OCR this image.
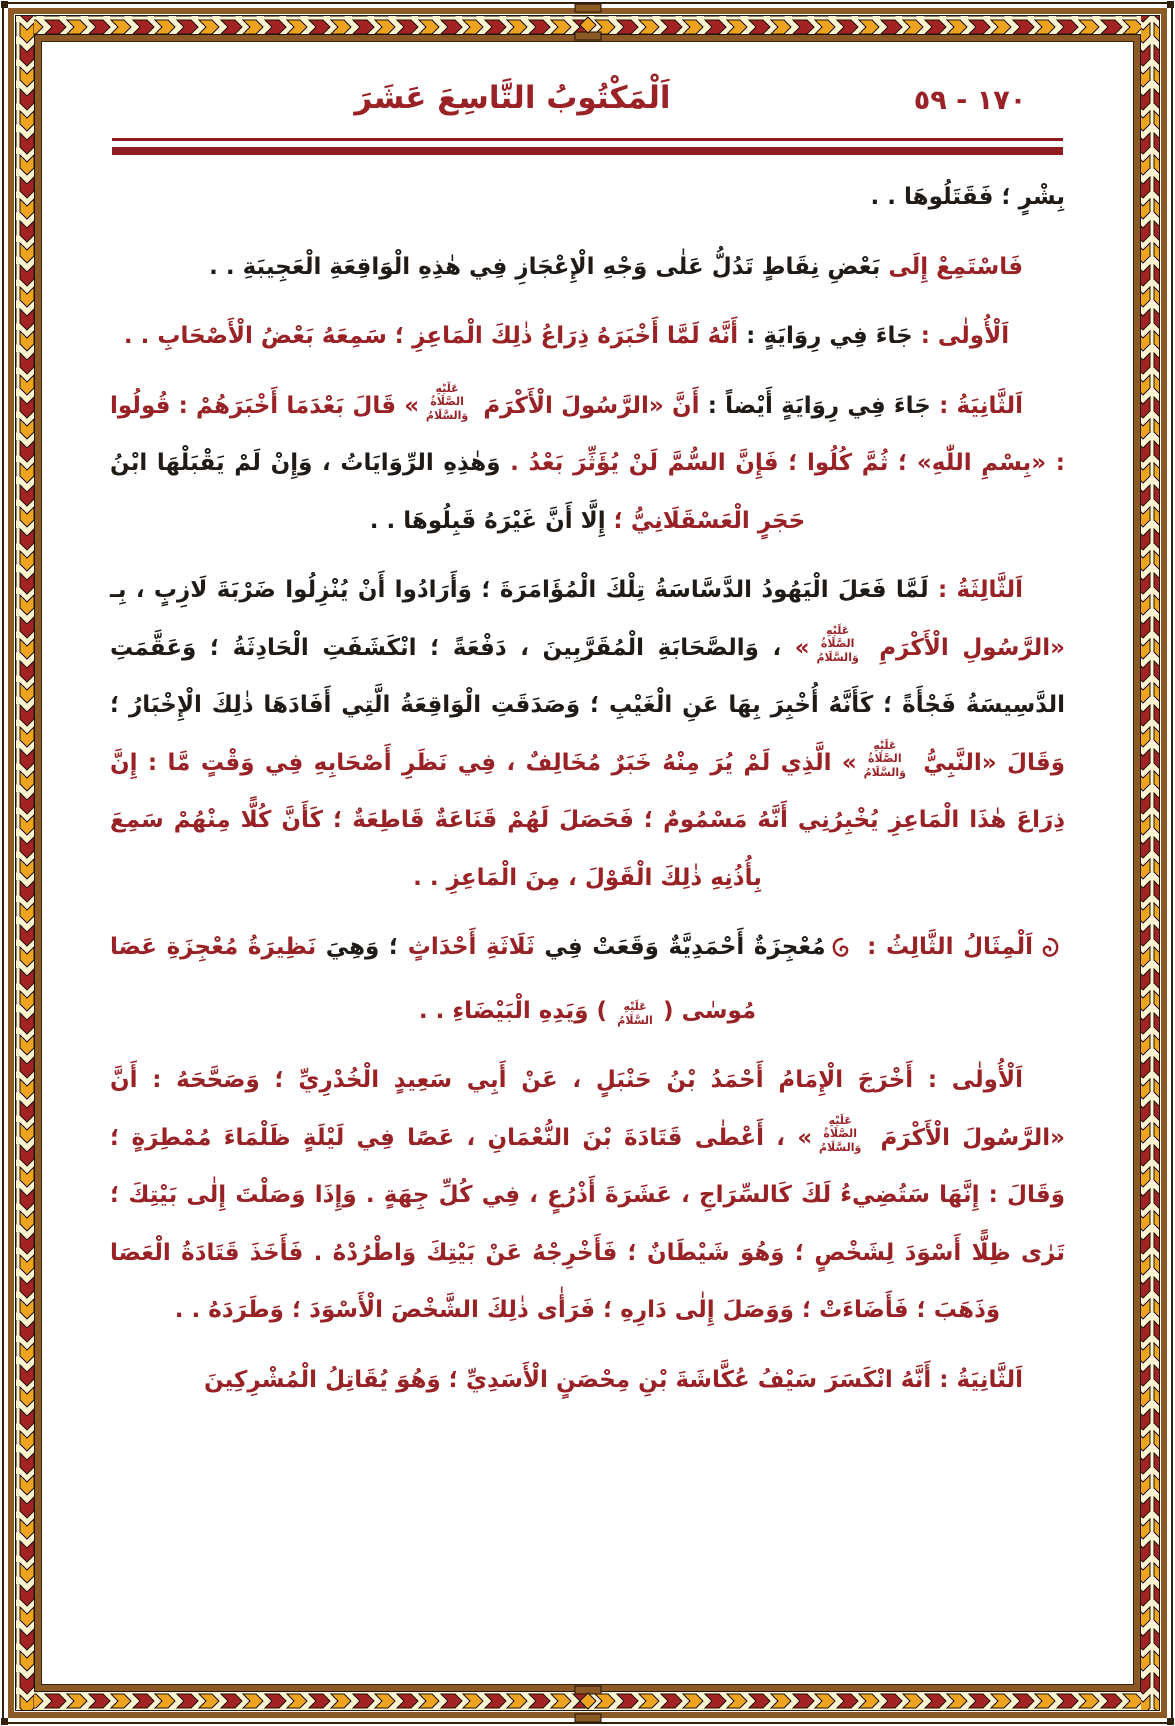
١٧٠ - ٥٩
اَلْمَكْتُوبُ التَّاسِعَ عَشَرَ

بِشْرٍ ؛ فَقَتَلُوهَا . .

فَاسْتَمِعْ إِلَى بَعْضِ نِقَاطٍ تَدُلُّ عَلٰى وَجْهِ الْإِعْجَازِ فِي هٰذِهِ الْوَاقِعَةِ الْعَجِيبَةِ . .

اَلْأُولٰى : جَاءَ فِي رِوَايَةٍ : أَنَّهُ لَمَّا أَخْبَرَهُ ذِرَاعُ ذٰلِكَ الْمَاعِزِ ؛ سَمِعَهُ بَعْضُ الْأَصْحَابِ . .

اَلثَّانِيَةُ : جَاءَ فِي رِوَايَةٍ أَيْضاً : أَنَّ «الرَّسُولَ الْأَكْرَمَ عَلَيْهِ الصَّلَاةُ وَالسَّلَامُ» قَالَ بَعْدَمَا أَخْبَرَهُمْ : قُولُوا : «بِسْمِ اللّٰهِ» ؛ ثُمَّ كُلُوا ؛ فَإِنَّ السُّمَّ لَنْ يُؤَثِّرَ بَعْدُ . وَهٰذِهِ الرِّوَايَاتُ ، وَإِنْ لَمْ يَقْبَلْهَا ابْنُ حَجَرٍ الْعَسْقَلَانِيُّ ؛ إِلَّا أَنَّ غَيْرَهُ قَبِلُوهَا . .

اَلثَّالِثَةُ : لَمَّا فَعَلَ الْيَهُودُ الدَّسَّاسَةُ تِلْكَ الْمُؤَامَرَةَ ؛ وَأَرَادُوا أَنْ يُنْزِلُوا ضَرْبَةَ لَازِبٍ ، بِـ «الرَّسُولِ الْأَكْرَمِ عَلَيْهِ الصَّلَاةُ وَالسَّلَامُ» ، وَالصَّحَابَةِ الْمُقَرَّبِينَ ، دَفْعَةً ؛ انْكَشَفَتِ الْحَادِثَةُ ؛ وَعَقَّمَتِ الدَّسِيسَةُ فَجْأَةً ؛ كَأَنَّهُ أُخْبِرَ بِهَا عَنِ الْغَيْبِ ؛ وَصَدَقَتِ الْوَاقِعَةُ الَّتِي أَفَادَهَا ذٰلِكَ الْإِخْبَارُ ؛ وَقَالَ «النَّبِيُّ عَلَيْهِ الصَّلَاةُ وَالسَّلَامُ» الَّذِي لَمْ يُرَ مِنْهُ خَبَرٌ مُخَالِفٌ ، فِي نَظَرِ أَصْحَابِهِ فِي وَقْتٍ مَّا : إِنَّ ذِرَاعَ هٰذَا الْمَاعِزِ يُخْبِرُنِي أَنَّهُ مَسْمُومٌ ؛ فَحَصَلَ لَهُمْ قَنَاعَةٌ قَاطِعَةٌ ؛ كَأَنَّ كُلًّا مِنْهُمْ سَمِعَ بِأُذُنِهِ ذٰلِكَ الْقَوْلَ ، مِنَ الْمَاعِزِ . .

اَلْمِثَالُ الثَّالِثُ : مُعْجِزَةٌ أَحْمَدِيَّةٌ وَقَعَتْ فِي ثَلَاثَةِ أَحْدَاثٍ ؛ وَهِيَ نَظِيرَةُ مُعْجِزَةِ عَصَا مُوسٰى (عَلَيْهِ السَّلَامُ) وَيَدِهِ الْبَيْضَاءِ . .

اَلْأُولٰى : أَخْرَجَ الْإِمَامُ أَحْمَدُ بْنُ حَنْبَلٍ ، عَنْ أَبِي سَعِيدٍ الْخُدْرِيِّ ؛ وَصَحَّحَهُ : أَنَّ «الرَّسُولَ الْأَكْرَمَ عَلَيْهِ الصَّلَاةُ وَالسَّلَامُ» ، أَعْطٰى قَتَادَةَ بْنَ النُّعْمَانِ ، عَصًا فِي لَيْلَةٍ ظَلْمَاءَ مُمْطِرَةٍ ؛ وَقَالَ : إِنَّهَا سَتُضِيءُ لَكَ كَالسِّرَاجِ ، عَشَرَةَ أَذْرُعٍ ، فِي كُلِّ جِهَةٍ . وَإِذَا وَصَلْتَ إِلٰى بَيْتِكَ ؛ تَرٰى ظِلًّا أَسْوَدَ لِشَخْصٍ ؛ وَهُوَ شَيْطَانٌ ؛ فَأَخْرِجْهُ عَنْ بَيْتِكَ وَاطْرُدْهُ . فَأَخَذَ قَتَادَةُ الْعَصَا وَذَهَبَ ؛ فَأَضَاءَتْ ؛ وَوَصَلَ إِلٰى دَارِهِ ؛ فَرَأٰى ذٰلِكَ الشَّخْصَ الْأَسْوَدَ ؛ وَطَرَدَهُ . .

اَلثَّانِيَةُ : أَنَّهُ انْكَسَرَ سَيْفُ عُكَّاشَةَ بْنِ مِحْصَنٍ الْأَسَدِيِّ ؛ وَهُوَ يُقَاتِلُ الْمُشْرِكِينَ
